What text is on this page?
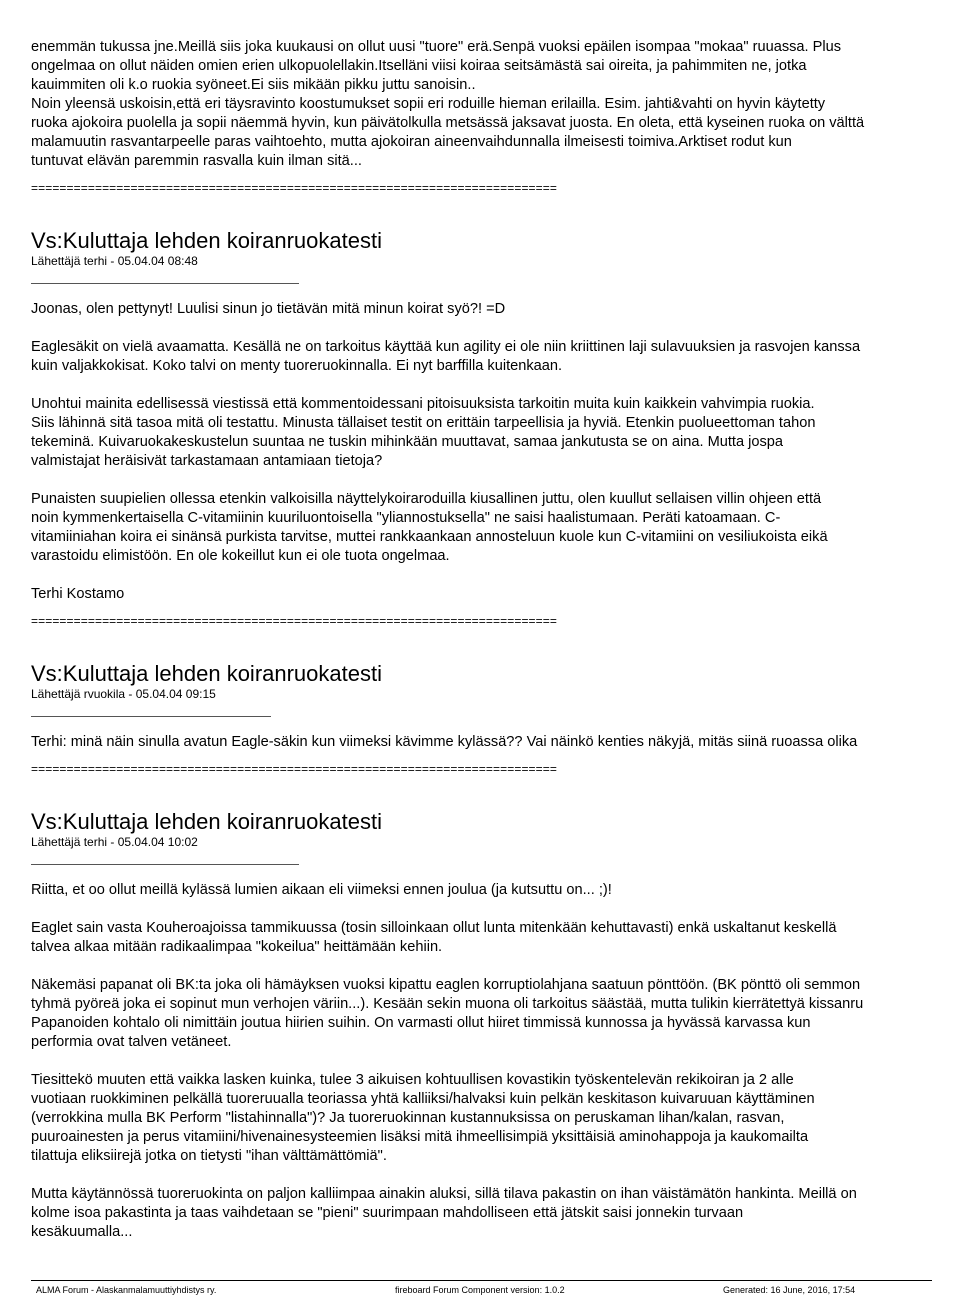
enemmän tukussa jne.Meillä siis joka kuukausi on ollut uusi "tuore" erä.Senpä vuoksi epäilen isompaa "mokaa" ruuassa. Plus
ongelmaa on ollut näiden omien erien ulkopuolellakin.Itselläni viisi koiraa seitsämästä sai oireita, ja pahimmiten ne, jotka
kauimmiten oli k.o ruokia syöneet.Ei siis mikään pikku juttu sanoisin..
Noin yleensä uskoisin,että eri täysravinto koostumukset sopii eri roduille hieman erilailla. Esim. jahti&vahti on hyvin käytetty
ruoka ajokoira puolella ja sopii näemmä hyvin, kun päivätolkulla metsässä jaksavat juosta. En oleta, että kyseinen ruoka on välttä
malamuutin rasvantarpeelle paras vaihtoehto, mutta ajokoiran aineenvaihdunnalla ilmeisesti toimiva.Arktiset rodut kun
tuntuvat elävän paremmin rasvalla kuin ilman sitä...

==========================================================================
Vs:Kuluttaja lehden koiranruokatesti
Lähettäjä terhi - 05.04.04 08:48

Joonas, olen pettynyt! Luulisi sinun jo tietävän mitä minun koirat syö?! =D

Eaglesäkit on vielä avaamatta. Kesällä ne on tarkoitus käyttää kun agility ei ole niin kriittinen laji sulavuuksien ja rasvojen kanssa
kuin valjakkokisat. Koko talvi on menty tuoreruokinnalla. Ei nyt barffilla kuitenkaan.

Unohtui mainita edellisessä viestissä että kommentoidessani pitoisuuksista tarkoitin muita kuin kaikkein vahvimpia ruokia.
Siis lähinnä sitä tasoa mitä oli testattu. Minusta tällaiset testit on erittäin tarpeellisia ja hyviä. Etenkin puolueettoman tahon
tekeminä. Kuivaruokakeskustelun suuntaa ne tuskin mihinkään muuttavat, samaa jankutusta se on aina. Mutta jospa
valmistajat heräisivät tarkastamaan antamiaan tietoja?

Punaisten suupielien ollessa etenkin valkoisilla näyttelykoiraroduilla kiusallinen juttu, olen kuullut sellaisen villin ohjeen että
noin kymmenkertaisella C-vitamiinin kuuriluontoisella "yliannostuksella" ne saisi haalistumaan. Peräti katoamaan. C-
vitamiiniahan koira ei sinänsä purkista tarvitse, muttei rankkaankaan annosteluun kuole kun C-vitamiini on vesiliukoista eikä
varastoidu elimistöön. En ole kokeillut kun ei ole tuota ongelmaa.

Terhi Kostamo

==========================================================================
Vs:Kuluttaja lehden koiranruokatesti
Lähettäjä rvuokila - 05.04.04 09:15

Terhi: minä näin sinulla avatun Eagle-säkin kun viimeksi kävimme kylässä?? Vai näinkö kenties näkyjä, mitäs siinä ruoassa olika

==========================================================================
Vs:Kuluttaja lehden koiranruokatesti
Lähettäjä terhi - 05.04.04 10:02

Riitta, et oo ollut meillä kylässä lumien aikaan eli viimeksi ennen joulua (ja kutsuttu on... ;)!

Eaglet sain vasta Kouheroajoissa tammikuussa (tosin silloinkaan ollut lunta mitenkään kehuttavasti) enkä uskaltanut keskellä
talvea alkaa mitään radikaalimpaa "kokeilua" heittämään kehiin.

Näkemäsi papanat oli BK:ta joka oli hämäyksen vuoksi kipattu eaglen korruptiolahjana saatuun pönttöön. (BK pönttö oli semmon
tyhmä pyöreä joka ei sopinut mun verhojen väriin...). Kesään sekin muona oli tarkoitus säästää, mutta tulikin kierrätettyä kissanru
Papanoiden kohtalo oli nimittäin joutua hiirien suihin. On varmasti ollut hiiret timmissä kunnossa ja hyvässä karvassa kun
performia ovat talven vetäneet.

Tiesittekö muuten että vaikka lasken kuinka, tulee 3 aikuisen kohtuullisen kovastikin työskentelevän rekikoiran ja 2 alle
vuotiaan ruokkiminen pelkällä tuoreruualla teoriassa yhtä kalliiksi/halvaksi kuin pelkän keskitason kuivaruuan käyttäminen
(verrokkina mulla BK Perform "listahinnalla")? Ja tuoreruokinnan kustannuksissa on peruskaman lihan/kalan, rasvan,
puuroainesten ja perus vitamiini/hivenainesysteemien lisäksi mitä ihmeellisimpiä yksittäisiä aminohappoja ja kaukomailta
tilattuja eliksiirejä jotka on tietysti "ihan välttämättömiä".

Mutta käytännössä tuoreruokinta on paljon kalliimpaa ainakin aluksi, sillä tilava pakastin on ihan väistämätön hankinta. Meillä on
kolme isoa pakastinta ja taas vaihdetaan se "pieni" suurimpaan mahdolliseen että jätskit saisi jonnekin turvaan
kesäkuumalla...

ALMA Forum - Alaskanmalamuuttiyhdistys ry.	fireboard Forum Component version: 1.0.2	Generated: 16 June, 2016, 17:54
